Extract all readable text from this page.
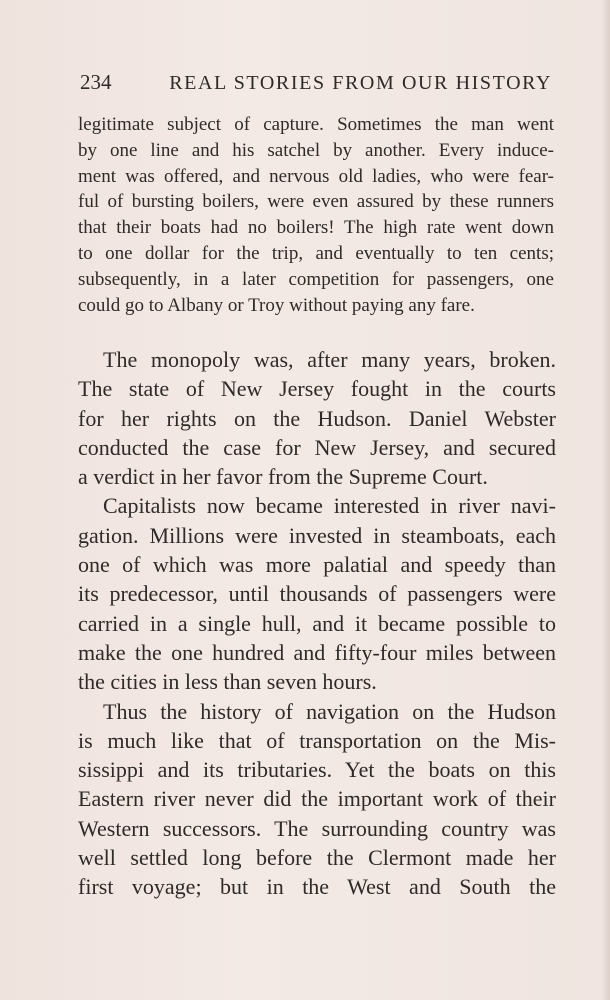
234	REAL STORIES FROM OUR HISTORY
legitimate subject of capture. Sometimes the man went
by one line and his satchel by another. Every induce-
ment was offered, and nervous old ladies, who were fear-
ful of bursting boilers, were even assured by these runners
that their boats had no boilers! The high rate went down
to one dollar for the trip, and eventually to ten cents;
subsequently, in a later competition for passengers, one
could go to Albany or Troy without paying any fare.
The monopoly was, after many years, broken.
The state of New Jersey fought in the courts
for her rights on the Hudson. Daniel Webster
conducted the case for New Jersey, and secured
a verdict in her favor from the Supreme Court.
Capitalists now became interested in river navi-
gation. Millions were invested in steamboats, each
one of which was more palatial and speedy than
its predecessor, until thousands of passengers were
carried in a single hull, and it became possible to
make the one hundred and fifty-four miles between
the cities in less than seven hours.
Thus the history of navigation on the Hudson
is much like that of transportation on the Mis-
sissippi and its tributaries. Yet the boats on this
Eastern river never did the important work of their
Western successors. The surrounding country was
well settled long before the Clermont made her
first voyage; but in the West and South the
